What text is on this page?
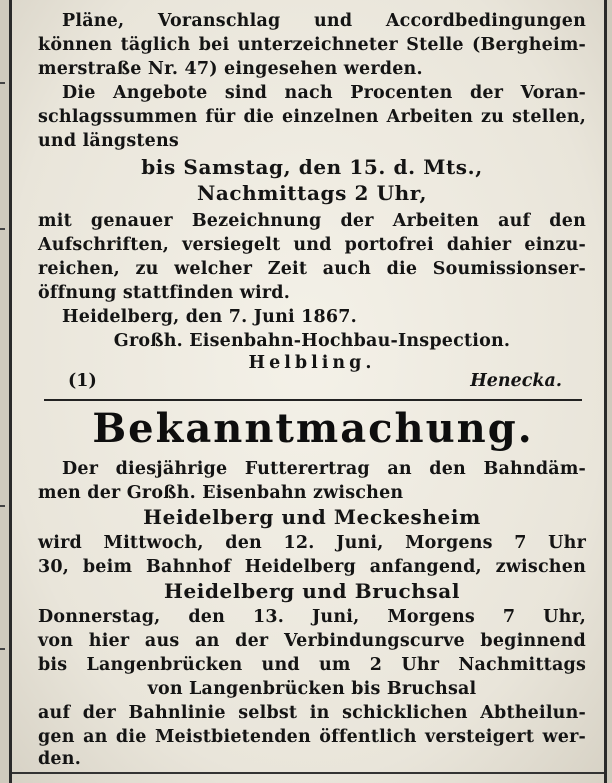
Pläne, Voranschlag und Accordbedingungen
können täglich bei unterzeichneter Stelle (Bergheim-
merstraße Nr. 47) eingesehen werden.
Die Angebote sind nach Procenten der Voran-
schlagssummen für die einzelnen Arbeiten zu stellen,
und längstens
bis Samstag, den 15. d. Mts.,
Nachmittags 2 Uhr,
mit genauer Bezeichnung der Arbeiten auf den
Aufschriften, versiegelt und portofrei dahier einzu-
reichen, zu welcher Zeit auch die Soumissionser-
öffnung stattfinden wird.
Heidelberg, den 7. Juni 1867.
Großh. Eisenbahn-Hochbau-Inspection.
Helbling.
(1)	Henecka.
Bekanntmachung.
Der diesjährige Futterertrag an den Bahndäm-
men der Großh. Eisenbahn zwischen
Heidelberg und Meckesheim
wird Mittwoch, den 12. Juni, Morgens 7 Uhr
30, beim Bahnhof Heidelberg anfangend, zwischen
Heidelberg und Bruchsal
Donnerstag, den 13. Juni, Morgens 7 Uhr,
von hier aus an der Verbindungscurve beginnend
bis Langenbrücken und um 2 Uhr Nachmittags
von Langenbrücken bis Bruchsal
auf der Bahnlinie selbst in schicklichen Abtheilun-
gen an die Meistbietenden öffentlich versteigert wer-
den.
